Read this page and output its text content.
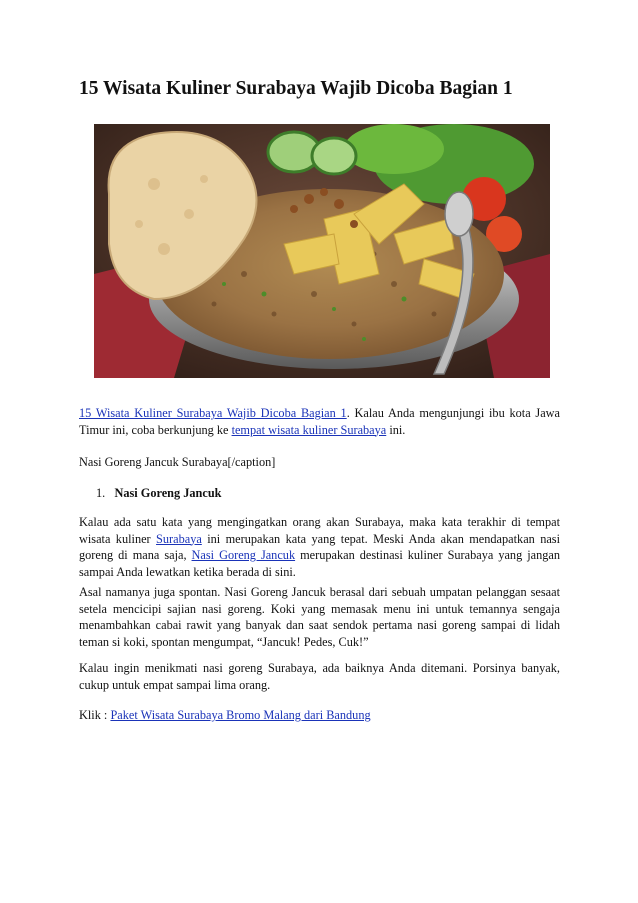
15 Wisata Kuliner Surabaya Wajib Dicoba Bagian 1

15 Wisata Kuliner Surabaya Wajib Dicoba Bagian 1. Kalau Anda mengunjungi ibu kota Jawa Timur ini, coba berkunjung ke tempat wisata kuliner Surabaya ini.

Nasi Goreng Jancuk Surabaya[/caption]

1. Nasi Goreng Jancuk

Kalau ada satu kata yang mengingatkan orang akan Surabaya, maka kata terakhir di tempat wisata kuliner Surabaya ini merupakan kata yang tepat. Meski Anda akan mendapatkan nasi goreng di mana saja, Nasi Goreng Jancuk merupakan destinasi kuliner Surabaya yang jangan sampai Anda lewatkan ketika berada di sini.

Asal namanya juga spontan. Nasi Goreng Jancuk berasal dari sebuah umpatan pelanggan sesaat setela mencicipi sajian nasi goreng. Koki yang memasak menu ini untuk temannya sengaja menambahkan cabai rawit yang banyak dan saat sendok pertama nasi goreng sampai di lidah teman si koki, spontan mengumpat, “Jancuk! Pedes, Cuk!”

Kalau ingin menikmati nasi goreng Surabaya, ada baiknya Anda ditemani. Porsinya banyak, cukup untuk empat sampai lima orang.

Klik : Paket Wisata Surabaya Bromo Malang dari Bandung
